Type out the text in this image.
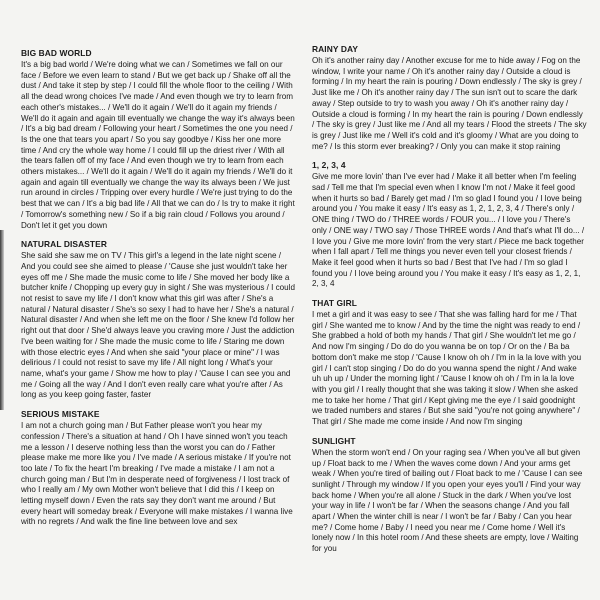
BIG BAD WORLD

It's a big bad world / We're doing what we can / Sometimes we fall on our face / Before we even learn to stand / But we get back up / Shake off all the dust / And take it step by step / I could fill the whole floor to the ceiling / With all the dead wrong choices I've made / And even though we try to learn from each other's mistakes... / We'll do it again / We'll do it again my friends / We'll do it again and again till eventually we change the way it's always been / It's a big bad dream / Following your heart / Sometimes the one you need / Is the one that tears you apart / So you say goodbye / Kiss her one more time / And cry the whole way home / I could fill up the driest river / With all the tears fallen off of my face / And even though we try to learn from each others mistakes... / We'll do it again / We'll do it again my friends / We'll do it again and again till eventually we change the way its always been / We just run around in circles / Tripping over every hurdle / We're just trying to do the best that we can / It's a big bad life / All that we can do / Is try to make it right / Tomorrow's something new / So if a big rain cloud / Follows you around / Don't let it get you down

NATURAL DISASTER

She said she saw me on TV / This girl's a legend in the late night scene / And you could see she aimed to please / 'Cause she just wouldn't take her eyes off me / She made the music come to life / She moved her body like a butcher knife / Chopping up every guy in sight / She was mysterious / I could not resist to save my life / I don't know what this girl was after / She's a natural / Natural disaster / She's so sexy I had to have her / She's a natural / Natural disaster / And when she left me on the floor / She knew I'd follow her right out that door / She'd always leave you craving more / Just the addiction I've been waiting for / She made the music come to life / Staring me down with those electric eyes / And when she said "your place or mine" / I was delirious / I could not resist to save my life / All night long / What's your name, what's your game / Show me how to play / 'Cause I can see you and me / Going all the way / And I don't even really care what you're after / As long as you keep going faster, faster

SERIOUS MISTAKE

I am not a church going man / But Father please won't you hear my confession / There's a situation at hand / Oh I have sinned won't you teach me a lesson / I deserve nothing less than the worst you can do / Father please make me more like you / I've made / A serious mistake / If you're not too late / To fix the heart I'm breaking / I've made a mistake / I am not a church going man / But I'm in desperate need of forgiveness / I lost track of who I really am / My own Mother won't believe that I did this / I keep on letting myself down / Even the rats say they don't want me around / But every heart will someday break / Everyone will make mistakes / I wanna live with no regrets / And walk the fine line between love and sex

RAINY DAY

Oh it's another rainy day / Another excuse for me to hide away / Fog on the window, I write your name / Oh it's another rainy day / Outside a cloud is forming / In my heart the rain is pouring / Down endlessly / The sky is grey / Just like me / Oh it's another rainy day / The sun isn't out to scare the dark away / Step outside to try to wash you away / Oh it's another rainy day / Outside a cloud is forming / In my heart the rain is pouring / Down endlessly / The sky is grey / Just like me / And all my tears / Flood the streets / The sky is grey / Just like me / Well it's cold and it's gloomy / What are you doing to me? / Is this storm ever breaking? / Only you can make it stop raining

1, 2, 3, 4

Give me more lovin' than I've ever had / Make it all better when I'm feeling sad / Tell me that I'm special even when I know I'm not / Make it feel good when it hurts so bad / Barely get mad / I'm so glad I found you / I love being around you / You make it easy / It's easy as 1, 2, 1, 2, 3, 4 / There's only / ONE thing / TWO do / THREE words / FOUR you... / I love you / There's only / ONE way / TWO say / Those THREE words / And that's what I'll do... / I love you / Give me more lovin' from the very start / Piece me back together when I fall apart / Tell me things you never even tell your closest friends / Make it feel good when it hurts so bad / Best that I've had / I'm so glad I found you / I love being around you / You make it easy / It's easy as 1, 2, 1, 2, 3, 4

THAT GIRL

I met a girl and it was easy to see / That she was falling hard for me / That girl / She wanted me to know / And by the time the night was ready to end / She grabbed a hold of both my hands / That girl / She wouldn't let me go / And now I'm singing / Do do do you wanna be on top / Or on the / Ba ba bottom don't make me stop / 'Cause I know oh oh / I'm in la la love with you girl / I can't stop singing / Do do do you wanna spend the night / And wake uh uh up / Under the morning light / 'Cause I know oh oh / I'm in la la love with you girl / I really thought that she was taking it slow / When she asked me to take her home / That girl / Kept giving me the eye / I said goodnight we traded numbers and stares / But she said "you're not going anywhere" / That girl / She made me come inside / And now I'm singing

SUNLIGHT

When the storm won't end / On your raging sea / When you've all but given up / Float back to me / When the waves come down / And your arms get weak / When you're tired of bailing out / Float back to me / 'Cause I can see sunlight / Through my window / If you open your eyes you'll / Find your way back home / When you're all alone / Stuck in the dark / When you've lost your way in life / I won't be far / When the seasons change / And you fall apart / When the winter chill is near / I won't be far / Baby / Can you hear me? / Come home / Baby / I need you near me / Come home / Well it's lonely now / In this hotel room / And these sheets are empty, love / Waiting for you
